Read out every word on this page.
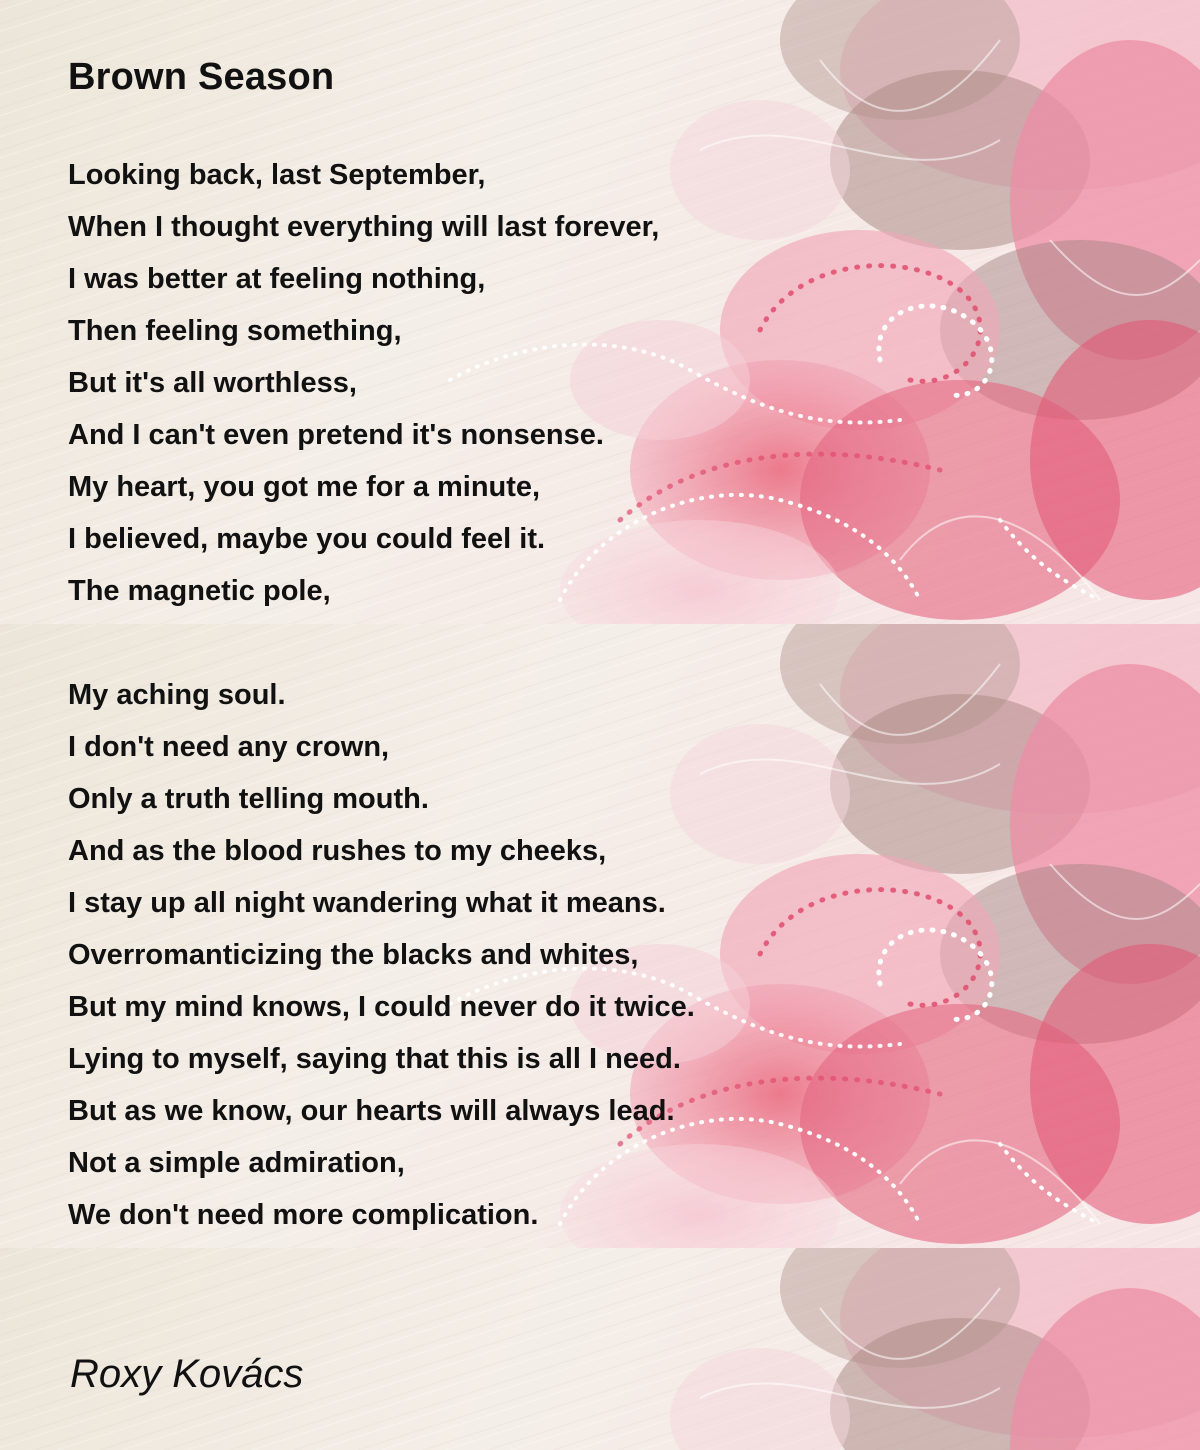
Brown Season
Looking back, last September,
When I thought everything will last forever,
I was better at feeling nothing,
Then feeling something,
But it's all worthless,
And I can't even pretend it's nonsense.
My heart, you got me for a minute,
I believed, maybe you could feel it.
The magnetic pole,
My aching soul.
I don't need any crown,
Only a truth telling mouth.
And as the blood rushes to my cheeks,
I stay up all night wandering what it means.
Overromanticizing the blacks and whites,
But my mind knows, I could never do it twice.
Lying to myself, saying that this is all I need.
But as we know, our hearts will always lead.
Not a simple admiration,
We don't need more complication.
Roxy Kovács
